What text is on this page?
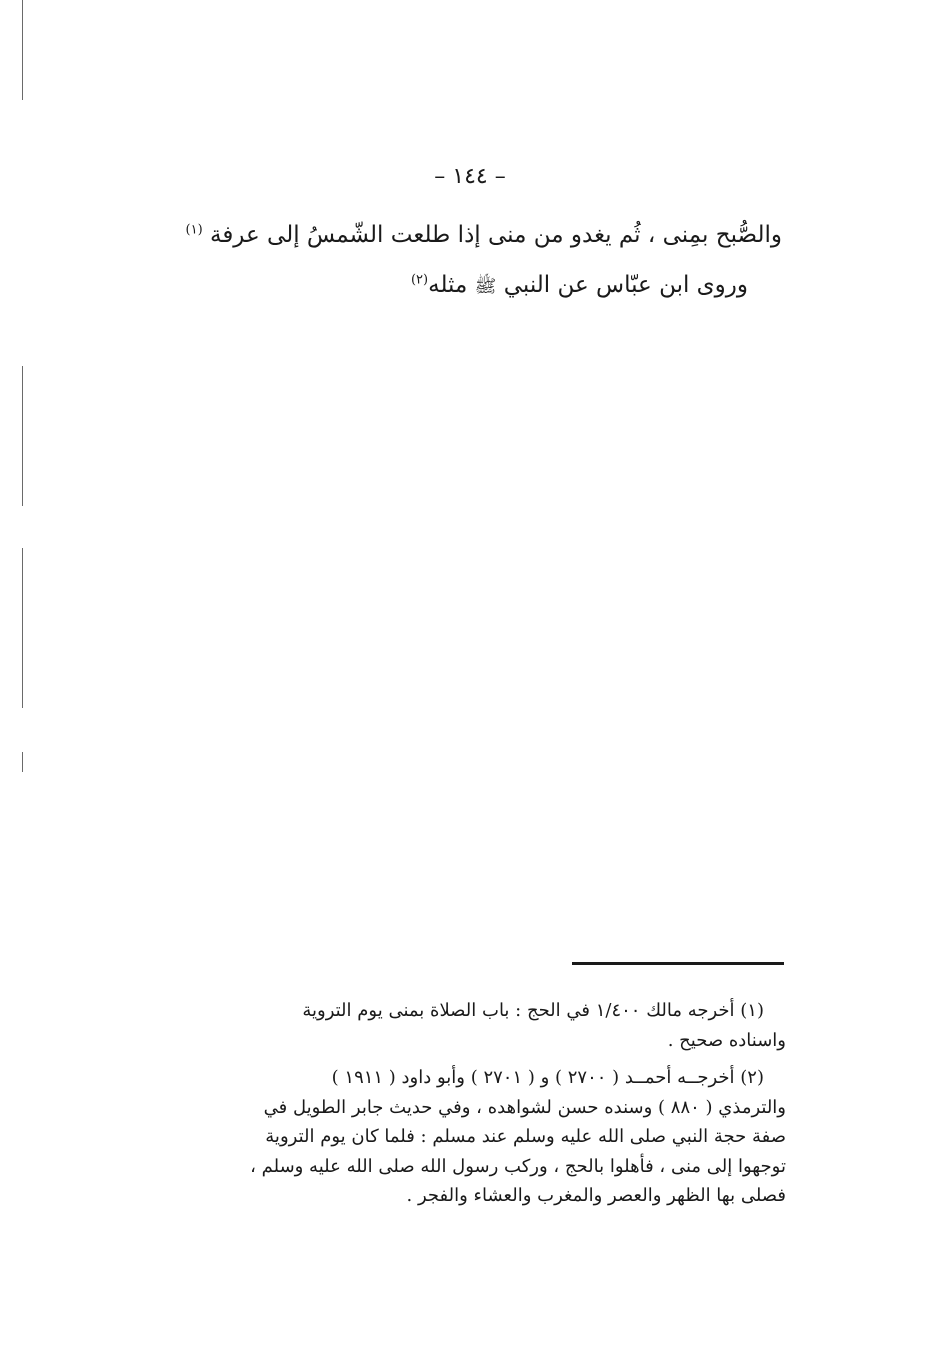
– ١٤٤ –
والصُّبح بمِنى ، ثُم يغدو من منى إذا طلعت الشّمسُ إلى عرفة $^{(١)}$
وروى ابن عبّاس عن النبي ﷺ مثله$^{(٢)}$
(١) أخرجه مالك ١/٤٠٠ في الحج : باب الصلاة بمنى يوم التروية
واسناده صحيح .
(٢) أخرجــه أحمــد ( ٢٧٠٠ ) و ( ٢٧٠١ ) وأبو داود ( ١٩١١ )
والترمذي ( ٨٨٠ ) وسنده حسن لشواهده ، وفي حديث جابر الطويل في
صفة حجة النبي صلى الله عليه وسلم عند مسلم : فلما كان يوم التروية
توجهوا إلى منى ، فأهلوا بالحج ، وركب رسول الله صلى الله عليه وسلم ،
فصلى بها الظهر والعصر والمغرب والعشاء والفجر .
